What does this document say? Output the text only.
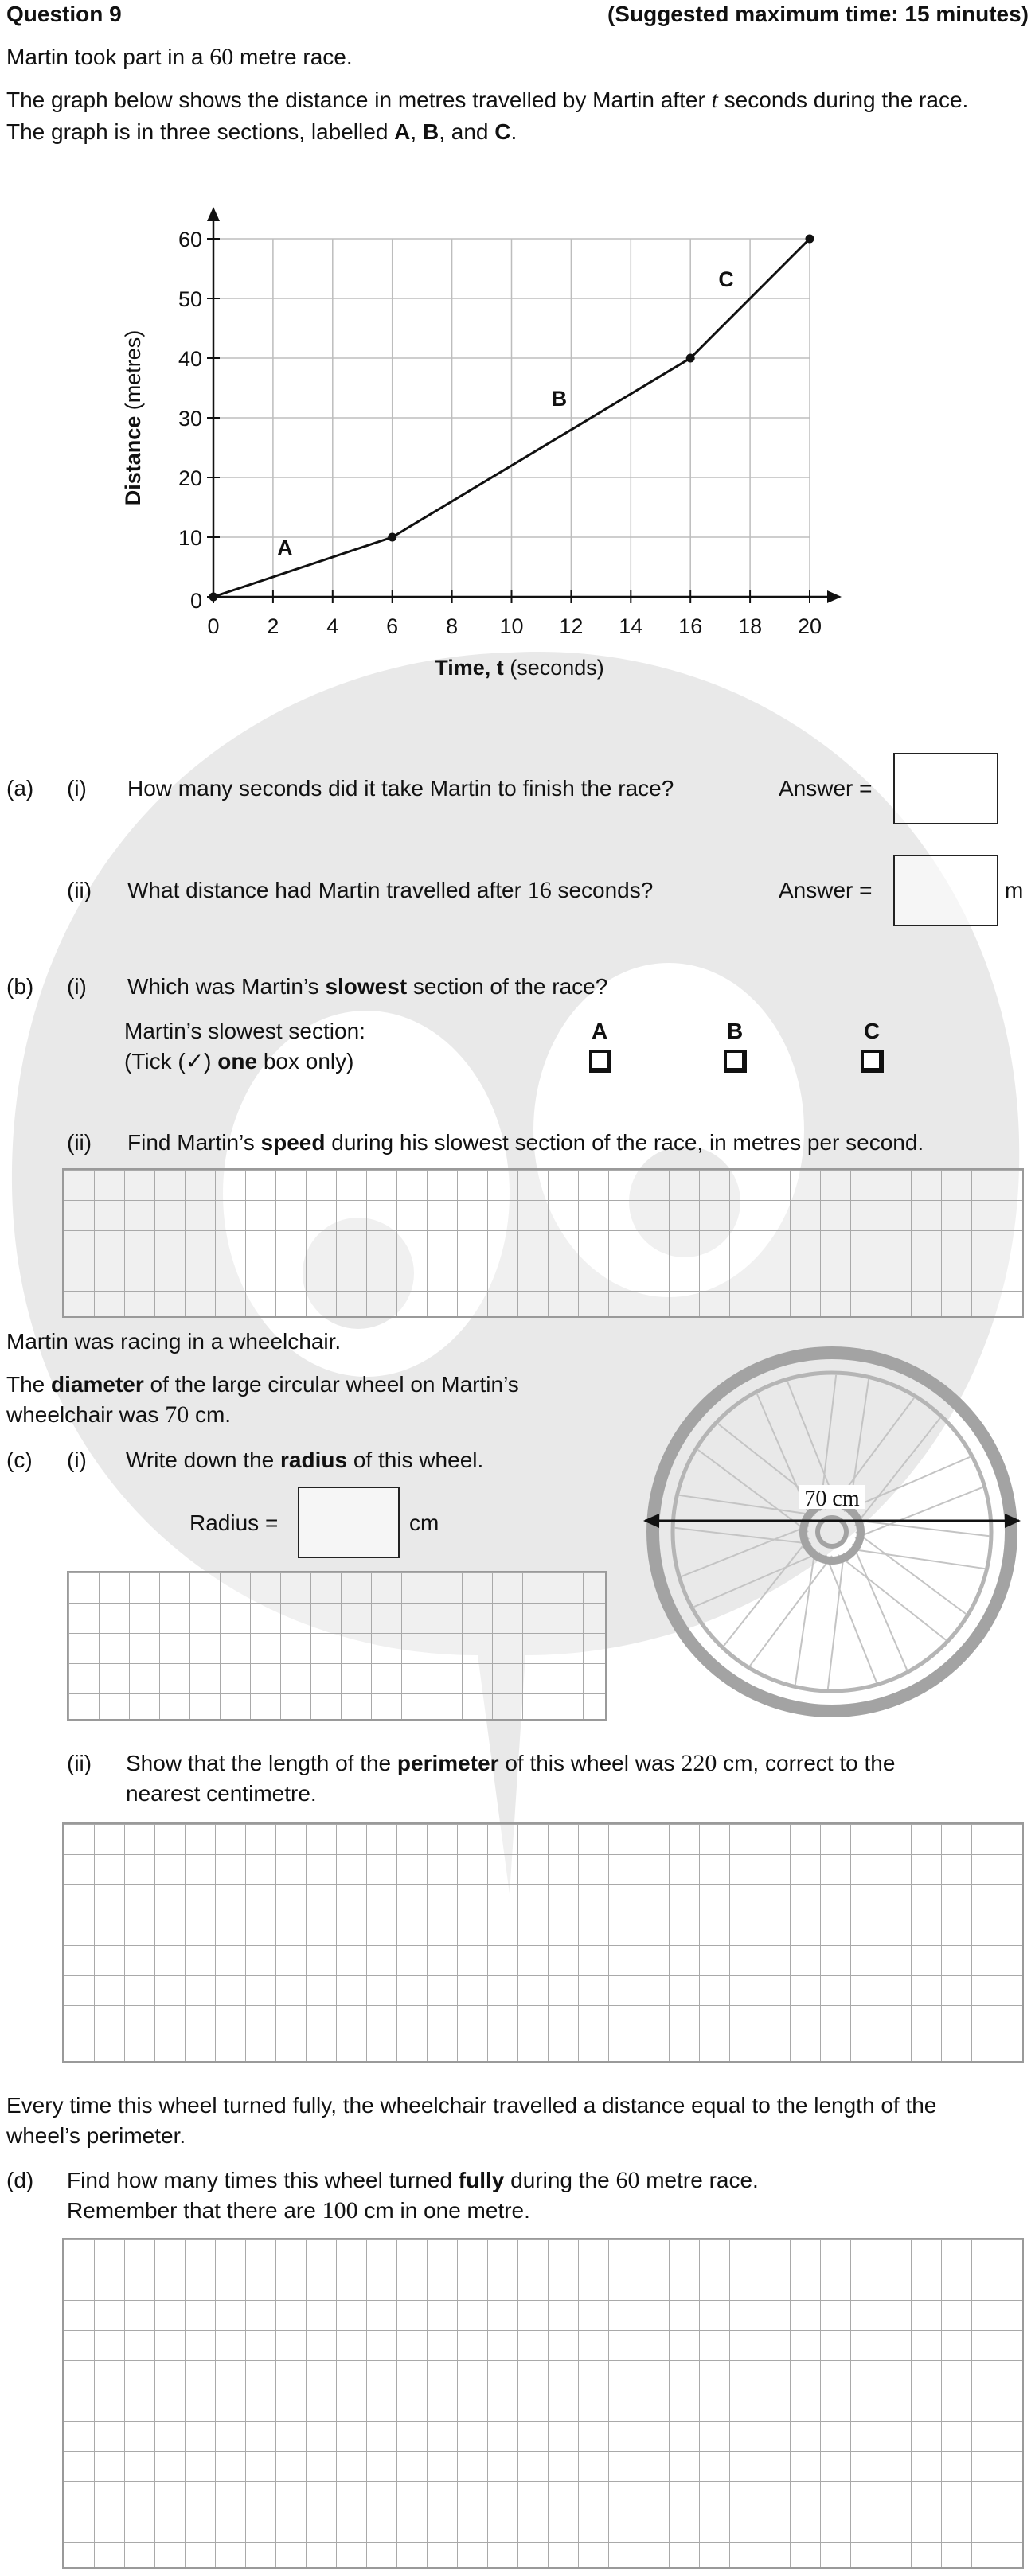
Question 9	(Suggested maximum time: 15 minutes)
Martin took part in a 60 metre race.
The graph below shows the distance in metres travelled by Martin after t seconds during the race.
The graph is in three sections, labelled A, B, and C.
0 2 4 6 8 10 12 14 16 18 20
0
10
20
30
40
50
60
Time, t (seconds)
Distance (metres)
A
B
C
(a) (i) How many seconds did it take Martin to finish the race?	Answer =
(ii) What distance had Martin travelled after 16 seconds?	Answer =	m
(b) (i) Which was Martin’s slowest section of the race?
Martin’s slowest section:
(Tick (✓) one box only)
A	B	C
(ii) Find Martin’s speed during his slowest section of the race, in metres per second.
Martin was racing in a wheelchair.
The diameter of the large circular wheel on Martin’s
wheelchair was 70 cm.
70 cm
(c) (i) Write down the radius of this wheel.
Radius =	cm
(ii) Show that the length of the perimeter of this wheel was 220 cm, correct to the
nearest centimetre.
Every time this wheel turned fully, the wheelchair travelled a distance equal to the length of the
wheel’s perimeter.
(d) Find how many times this wheel turned fully during the 60 metre race.
Remember that there are 100 cm in one metre.
